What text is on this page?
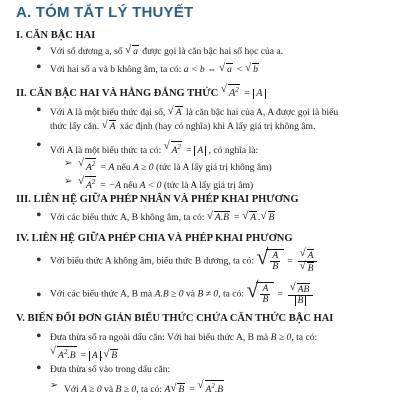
A. TÓM TẮT LÝ THUYẾT
I. CĂN BẬC HAI
• Với số dương a, số √ a được gọi là căn bậc hai số học của a.
• Với hai số a và b không âm, ta có: a < b ⇔ √ a < √ b
II. CĂN BẬC HAI VÀ HẰNG ĐẲNG THỨC √ $A^2 = A$
• Với A là một biểu thức đại số, √ A là căn bậc hai của A, A được gọi là biểu
thức lấy căn. √ A xác định (hay có nghĩa) khi A lấy giá trị không âm.
• Với A là một biểu thức ta có: √ $A^2 = A$ , có nghĩa là:
➢	√ $A^2 = A$ nếu A ≥ 0 (tức là A lấy giá trị không âm)
➢	√ $A^2 = -A$ nếu A < 0 (tức là A lấy giá trị âm)
III. LIÊN HỆ GIỮA PHÉP NHÂN VÀ PHÉP KHAI PHƯƠNG
• Với các biểu thức A, B không âm, ta có: √ A.B = √ A . √ B
IV. LIÊN HỆ GIỮA PHÉP CHIA VÀ PHÉP KHAI PHƯƠNG
• Với biểu thức A không âm, biểu thức B dương, ta có: √ $\frac{A}{B}$ = √ A
√ B
• Với các biểu thức A, B mà A.B ≥ 0 và B ≠ 0, ta có: √ $\frac{A}{B}$ = √ $\frac{AB}{B}$
V. BIẾN ĐỔI ĐƠN GIẢN BIỂU THỨC CHỨA CĂN THỨC BẬC HAI
• Đưa thừa số ra ngoài dấu căn: Với hai biểu thức A, B mà B ≥ 0, ta có:
√ $A^2.B = A$ . √ B
• Đưa thừa số vào trong dấu căn:
➢ Với A ≥ 0 và B ≥ 0, ta có: A √ B = √ $A^2.B$
